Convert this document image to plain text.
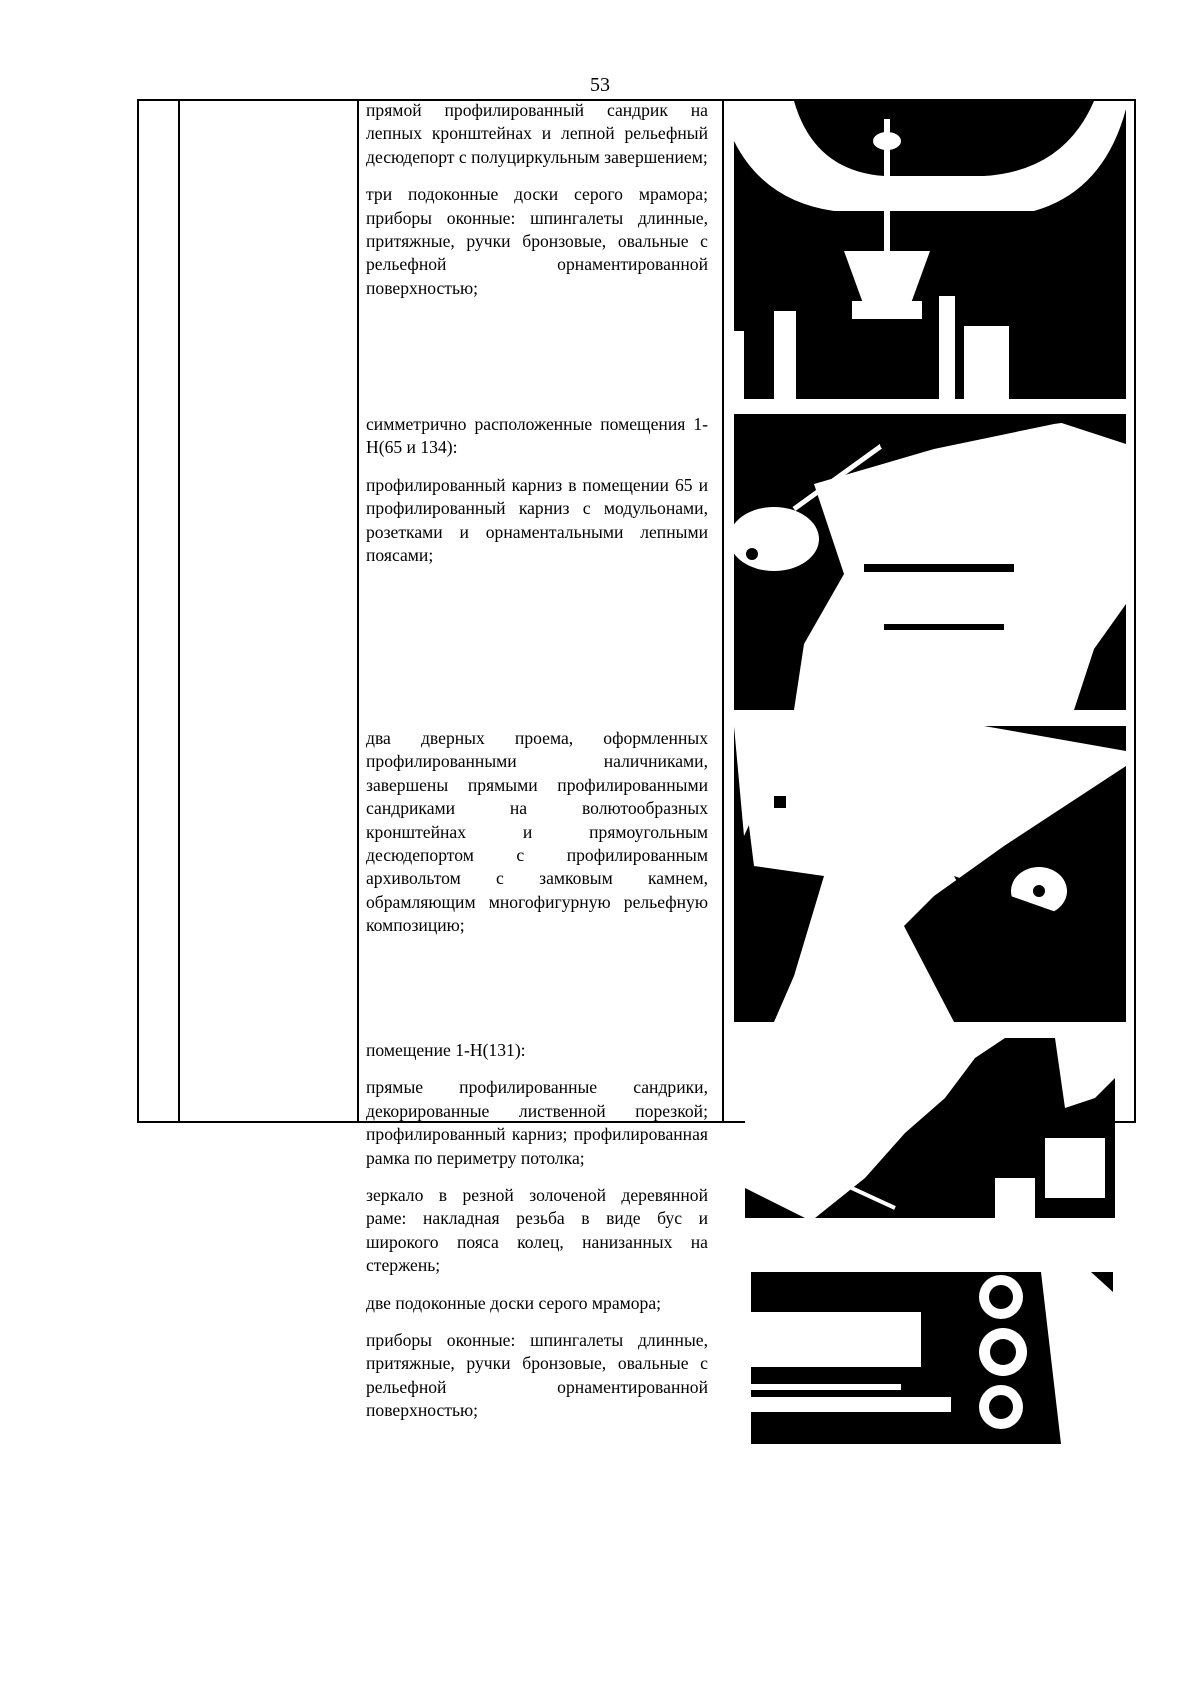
53

прямой профилированный сандрик на лепных кронштейнах и лепной рельефный десюдепорт с полуциркульным завершением;

три подоконные доски серого мрамора; приборы оконные: шпингалеты длинные, притяжные, ручки бронзовые, овальные с рельефной орнаментированной поверхностью;

симметрично расположенные помещения 1-Н(65 и 134):

профилированный карниз в помещении 65 и профилированный карниз с модульонами, розетками и орнаментальными лепными поясами;

два дверных проема, оформленных профилированными наличниками, завершены прямыми профилированными сандриками на волютообразных кронштейнах и прямоугольным десюдепортом с профилированным архивольтом с замковым камнем, обрамляющим многофигурную рельефную композицию;

помещение 1-Н(131):

прямые профилированные сандрики, декорированные лиственной порезкой; профилированный карниз; профилированная рамка по периметру потолка;

зеркало в резной золоченой деревянной раме: накладная резьба в виде бус и широкого пояса колец, нанизанных на стержень;

две подоконные доски серого мрамора;

приборы оконные: шпингалеты длинные, притяжные, ручки бронзовые, овальные с рельефной орнаментированной поверхностью;
